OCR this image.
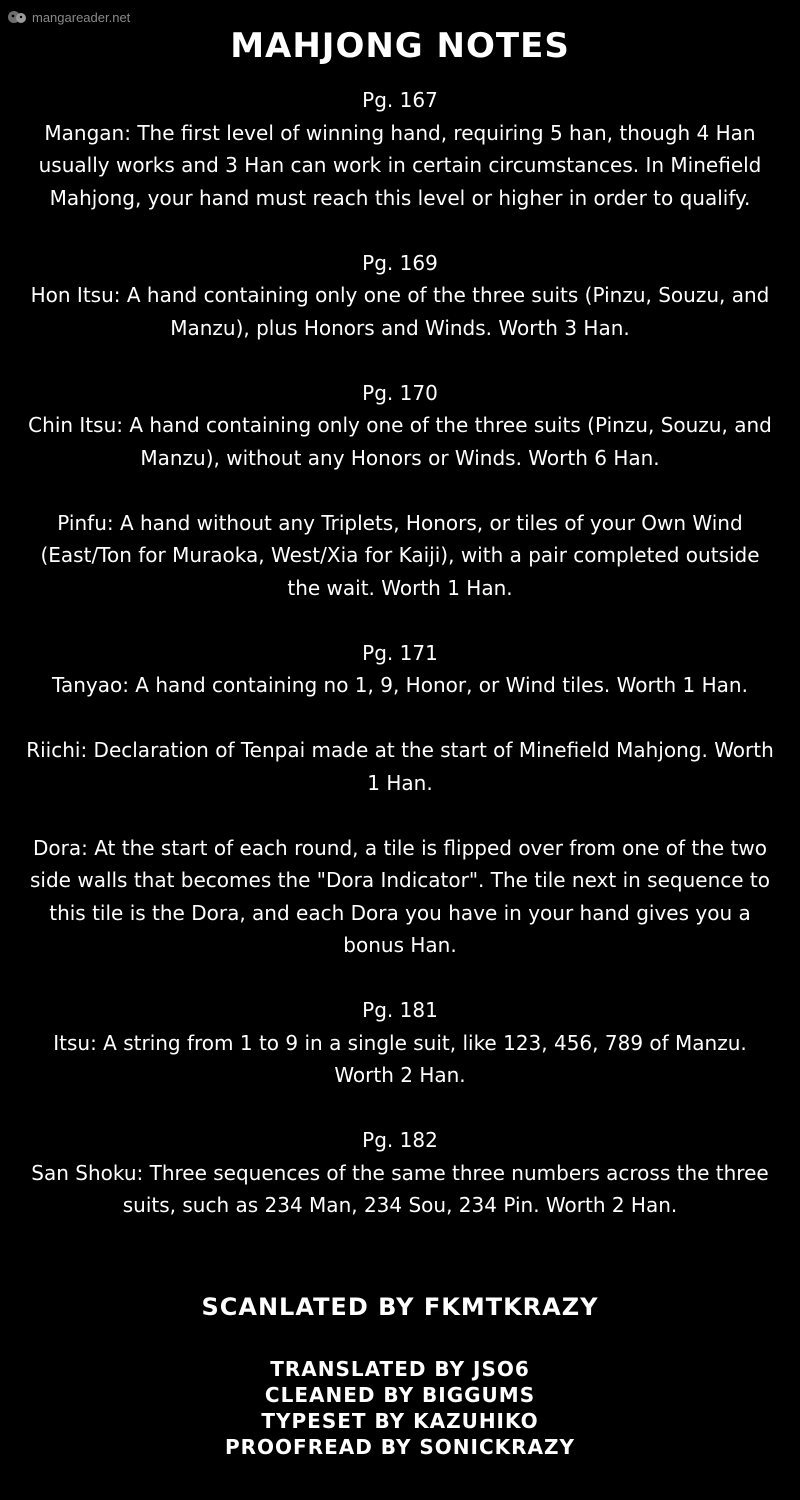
mangareader.net
MAHJONG NOTES
Pg. 167
Mangan: The first level of winning hand, requiring 5 han, though 4 Han usually works and 3 Han can work in certain circumstances. In Minefield Mahjong, your hand must reach this level or higher in order to qualify.
Pg. 169
Hon Itsu: A hand containing only one of the three suits (Pinzu, Souzu, and Manzu), plus Honors and Winds. Worth 3 Han.
Pg. 170
Chin Itsu: A hand containing only one of the three suits (Pinzu, Souzu, and Manzu), without any Honors or Winds. Worth 6 Han.
Pinfu: A hand without any Triplets, Honors, or tiles of your Own Wind (East/Ton for Muraoka, West/Xia for Kaiji), with a pair completed outside the wait. Worth 1 Han.
Pg. 171
Tanyao: A hand containing no 1, 9, Honor, or Wind tiles. Worth 1 Han.
Riichi: Declaration of Tenpai made at the start of Minefield Mahjong. Worth 1 Han.
Dora: At the start of each round, a tile is flipped over from one of the two side walls that becomes the "Dora Indicator". The tile next in sequence to this tile is the Dora, and each Dora you have in your hand gives you a bonus Han.
Pg. 181
Itsu: A string from 1 to 9 in a single suit, like 123, 456, 789 of Manzu. Worth 2 Han.
Pg. 182
San Shoku: Three sequences of the same three numbers across the three suits, such as 234 Man, 234 Sou, 234 Pin. Worth 2 Han.
SCANLATED BY FKMTKRAZY
TRANSLATED BY JSO6
CLEANED BY BIGGUMS
TYPESET BY KAZUHIKO
PROOFREAD BY SONICKRAZY
